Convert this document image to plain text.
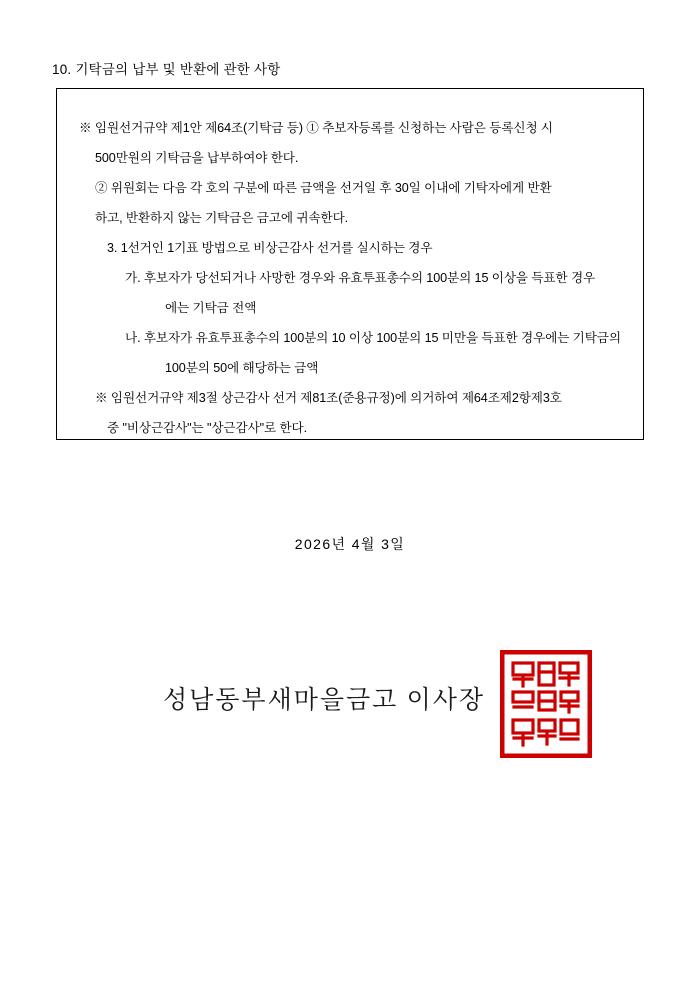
10. 기탁금의 납부 및 반환에 관한 사항
※ 임원선거규약 제1안 제64조(기탁금 등) ① 추보자등록를 신청하는 사람은 등록신청 시
500만원의 기탁금을 납부하여야 한다.
② 위원회는 다음 각 호의 구분에 따른 금액을 선거일 후 30일 이내에 기탁자에게 반환
하고, 반환하지 않는 기탁금은 금고에 귀속한다.
3. 1선거인 1기표 방법으로 비상근감사 선거를 실시하는 경우
가. 후보자가 당선되거나 사망한 경우와 유효투표총수의 100분의 15 이상을 득표한 경우
에는 기탁금 전액
나. 후보자가 유효투표총수의 100분의 10 이상 100분의 15 미만을 득표한 경우에는 기탁금의
100분의 50에 해당하는 금액
※ 임원선거규약 제3절 상근감사 선거 제81조(준용규정)에 의거하여 제64조제2항제3호
중 "비상근감사"는 "상근감사"로 한다.
2026년 4월 3일
성남동부새마을금고 이사장
